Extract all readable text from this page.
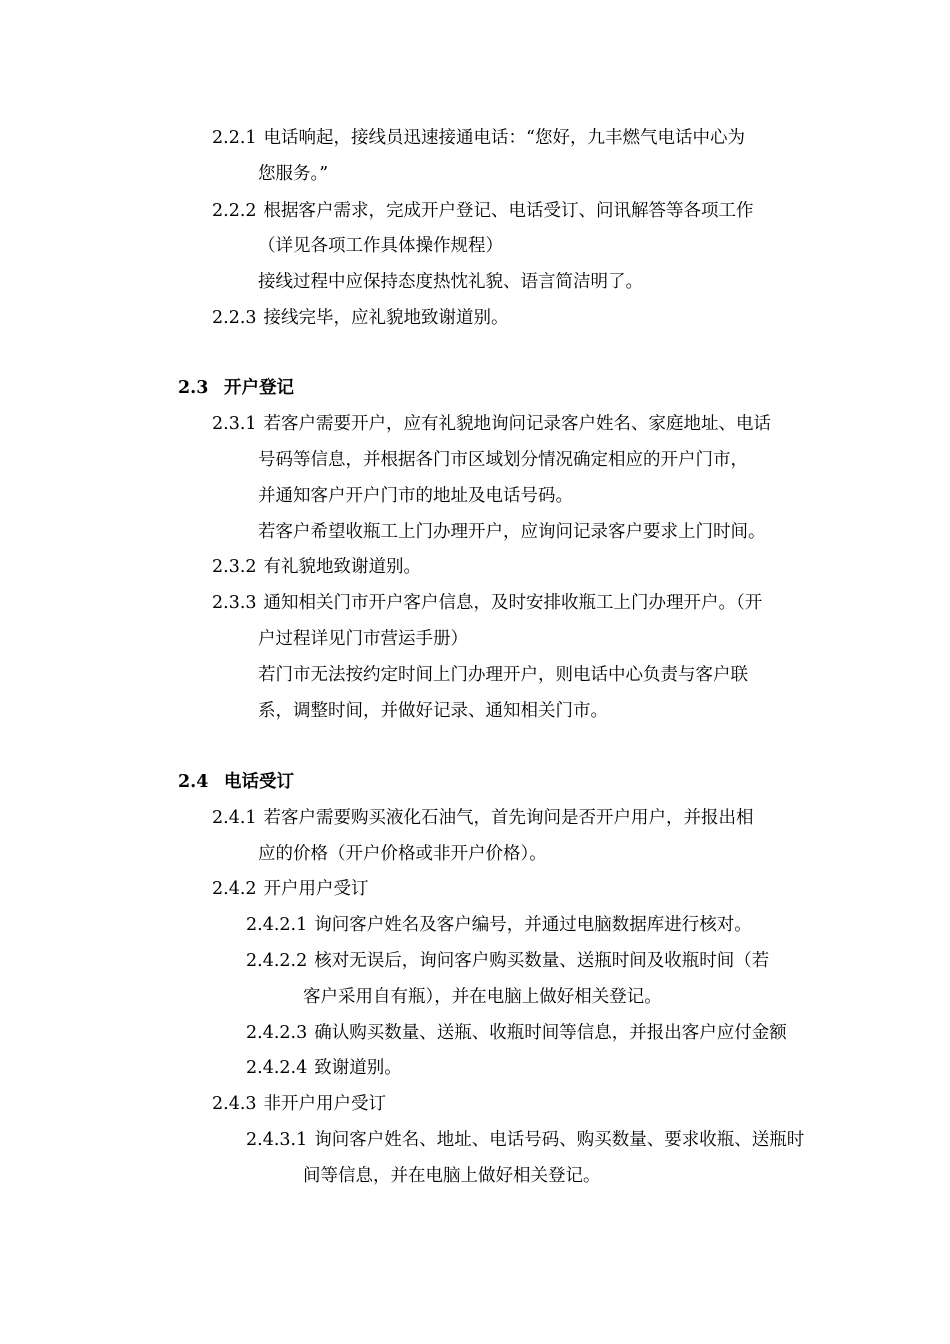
2.2.1 电话响起，接线员迅速接通电话：“您好，九丰燃气电话中心为
您服务。”
2.2.2 根据客户需求，完成开户登记、电话受订、问讯解答等各项工作
（详见各项工作具体操作规程）
接线过程中应保持态度热忱礼貌、语言简洁明了。
2.2.3 接线完毕，应礼貌地致谢道别。
2.3 开户登记
2.3.1 若客户需要开户，应有礼貌地询问记录客户姓名、家庭地址、电话
号码等信息，并根据各门市区域划分情况确定相应的开户门市，
并通知客户开户门市的地址及电话号码。
若客户希望收瓶工上门办理开户，应询问记录客户要求上门时间。
2.3.2 有礼貌地致谢道别。
2.3.3 通知相关门市开户客户信息，及时安排收瓶工上门办理开户。（开
户过程详见门市营运手册）
若门市无法按约定时间上门办理开户，则电话中心负责与客户联
系，调整时间，并做好记录、通知相关门市。
2.4 电话受订
2.4.1 若客户需要购买液化石油气，首先询问是否开户用户，并报出相
应的价格（开户价格或非开户价格）。
2.4.2 开户用户受订
2.4.2.1 询问客户姓名及客户编号，并通过电脑数据库进行核对。
2.4.2.2 核对无误后，询问客户购买数量、送瓶时间及收瓶时间（若
客户采用自有瓶），并在电脑上做好相关登记。
2.4.2.3 确认购买数量、送瓶、收瓶时间等信息，并报出客户应付金额
2.4.2.4 致谢道别。
2.4.3 非开户用户受订
2.4.3.1 询问客户姓名、地址、电话号码、购买数量、要求收瓶、送瓶时
间等信息，并在电脑上做好相关登记。
